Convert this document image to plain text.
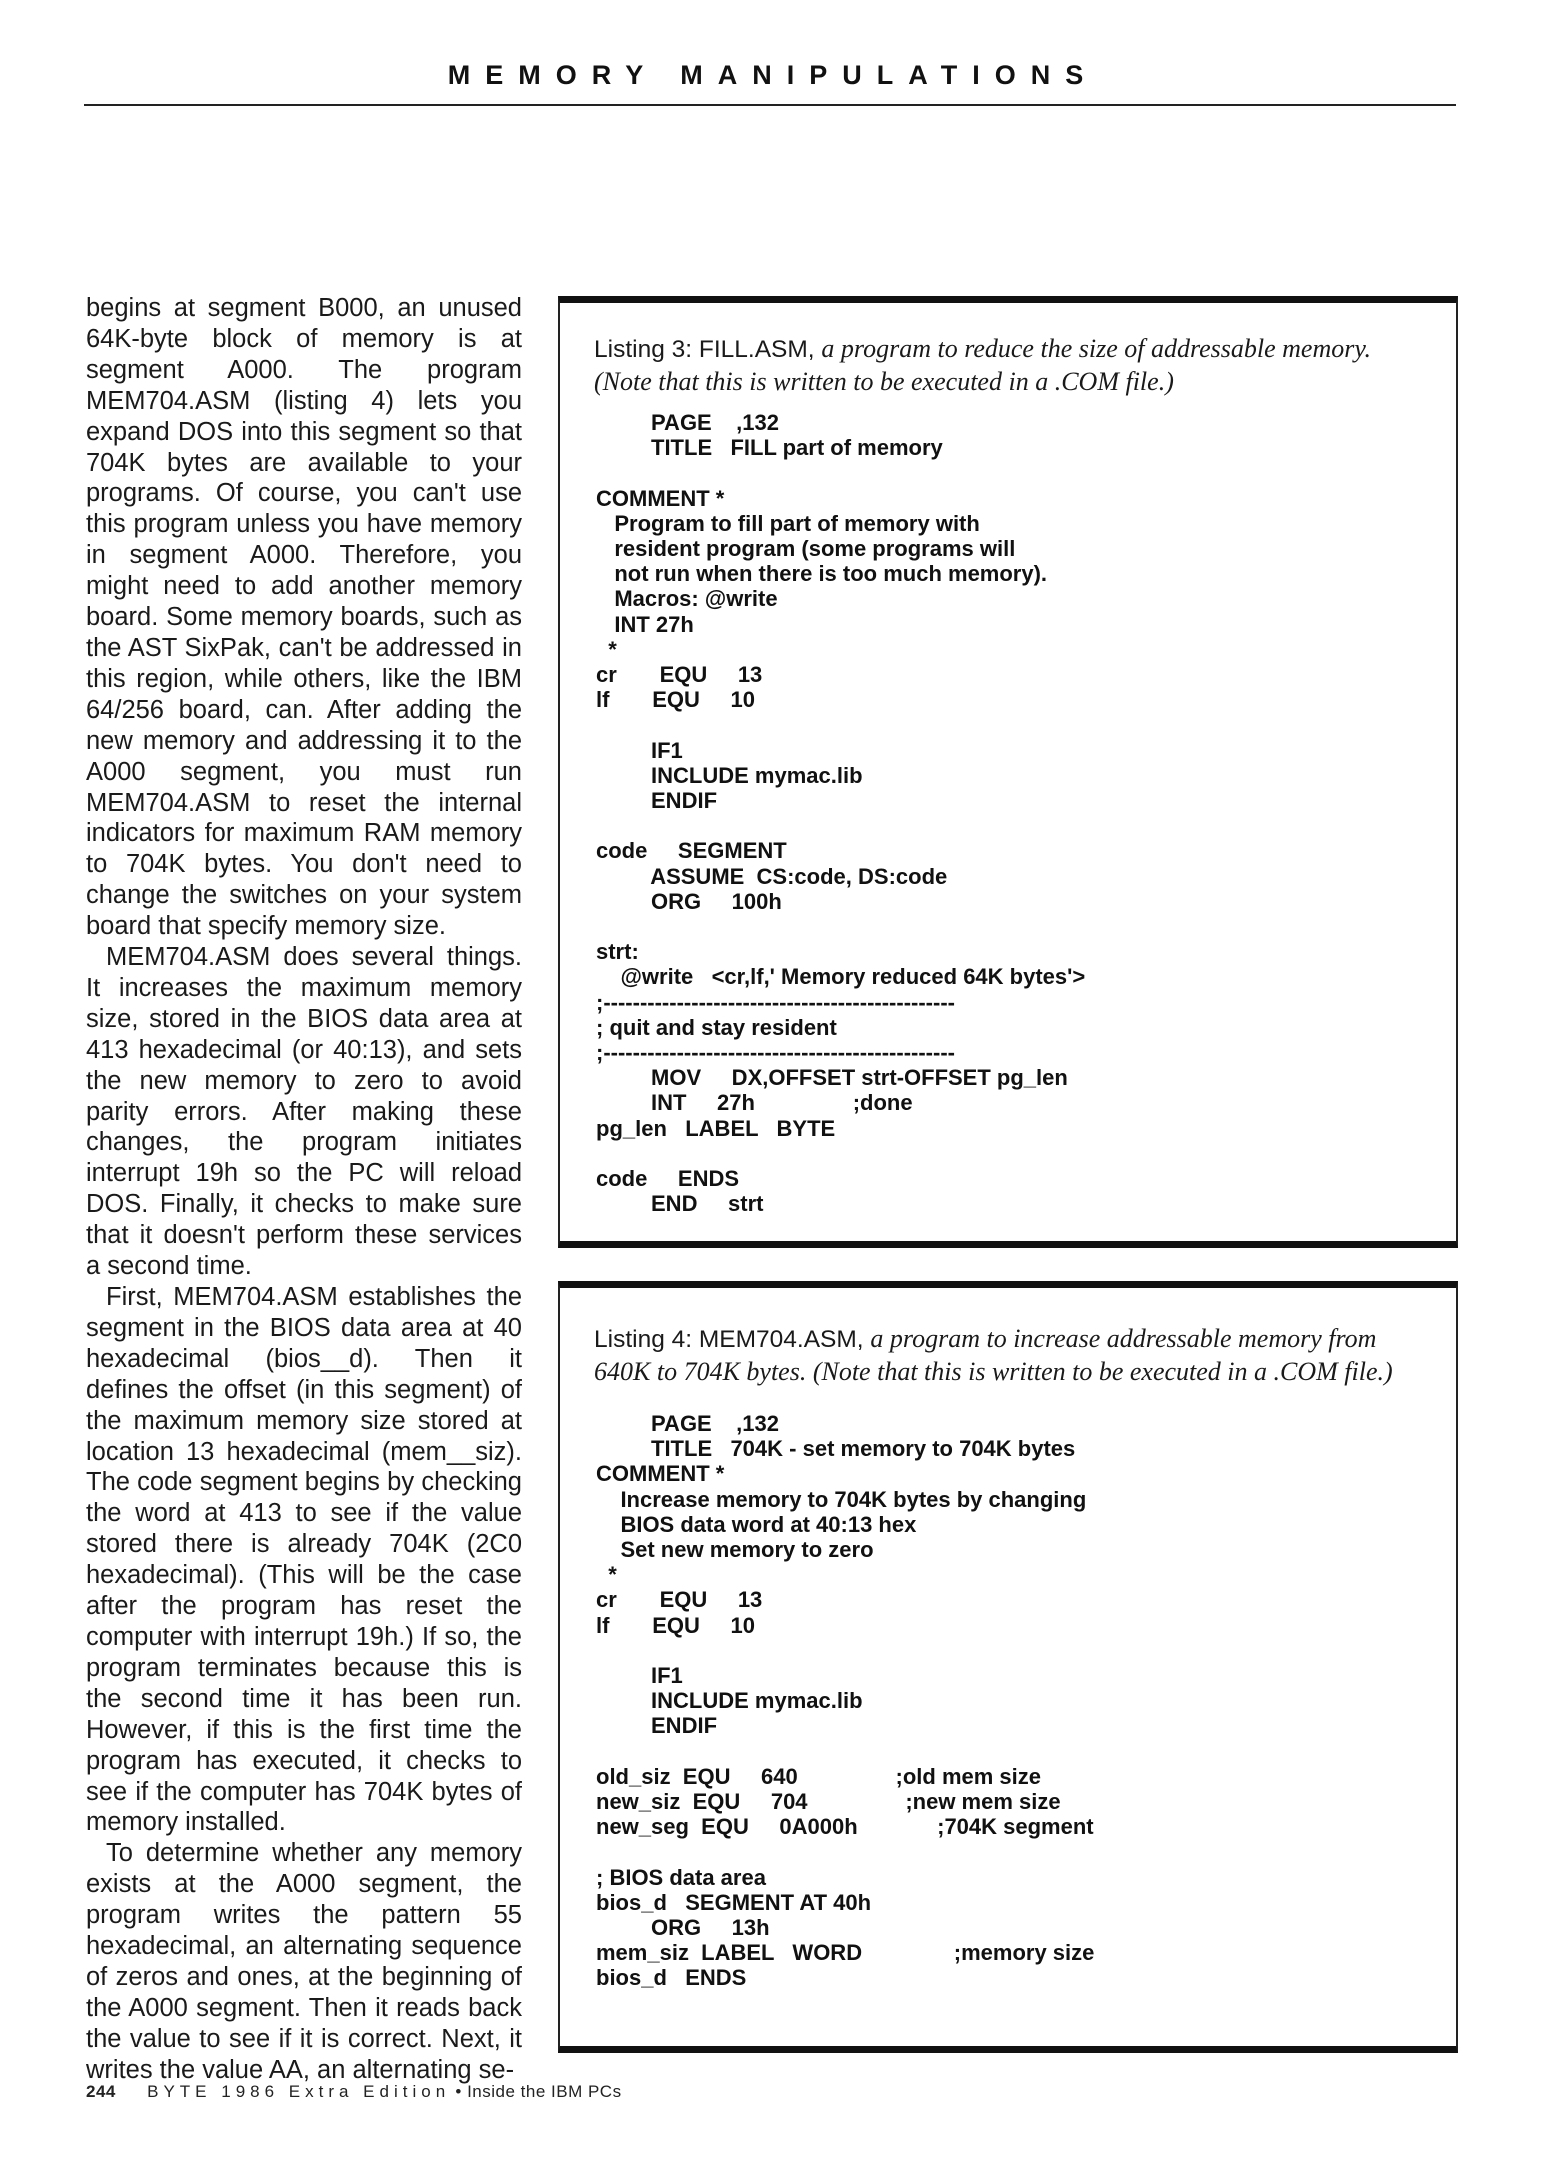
MEMORY MANIPULATIONS

begins at segment B000, an unused 64K-byte block of memory is at segment A000. The program MEM704.ASM (listing 4) lets you expand DOS into this segment so that 704K bytes are available to your programs. Of course, you can't use this program unless you have memory in segment A000. Therefore, you might need to add another memory board. Some memory boards, such as the AST SixPak, can't be addressed in this region, while others, like the IBM 64/256 board, can. After adding the new memory and addressing it to the A000 segment, you must run MEM704.ASM to reset the internal indicators for maximum RAM memory to 704K bytes. You don't need to change the switches on your system board that specify memory size.

MEM704.ASM does several things. It increases the maximum memory size, stored in the BIOS data area at 413 hexadecimal (or 40:13), and sets the new memory to zero to avoid parity errors. After making these changes, the program initiates interrupt 19h so the PC will reload DOS. Finally, it checks to make sure that it doesn't perform these services a second time.

First, MEM704.ASM establishes the segment in the BIOS data area at 40 hexadecimal (bios__d). Then it defines the offset (in this segment) of the maximum memory size stored at location 13 hexadecimal (mem__siz). The code segment begins by checking the word at 413 to see if the value stored there is already 704K (2C0 hexadecimal). (This will be the case after the program has reset the computer with interrupt 19h.) If so, the program terminates because this is the second time it has been run. However, if this is the first time the program has executed, it checks to see if the computer has 704K bytes of memory installed.

To determine whether any memory exists at the A000 segment, the program writes the pattern 55 hexadecimal, an alternating sequence of zeros and ones, at the beginning of the A000 segment. Then it reads back the value to see if it is correct. Next, it writes the value AA, an alternating se-

Listing 3: FILL.ASM, a program to reduce the size of addressable memory. (Note that this is written to be executed in a .COM file.)
PAGE    ,132
TITLE   FILL part of memory

COMMENT *
Program to fill part of memory with
resident program (some programs will
not run when there is too much memory).
Macros: @write
INT 27h
*
cr       EQU     13
lf       EQU     10

IF1
INCLUDE mymac.lib
ENDIF

code     SEGMENT
ASSUME  CS:code, DS:code
ORG     100h

strt:
@write   <cr,lf,' Memory reduced 64K bytes'>
;------------------------------------------------
; quit and stay resident
;------------------------------------------------
MOV     DX,OFFSET strt-OFFSET pg_len
INT     27h                ;done
pg_len   LABEL   BYTE

code     ENDS
END     strt
Listing 4: MEM704.ASM, a program to increase addressable memory from 640K to 704K bytes. (Note that this is written to be executed in a .COM file.)
PAGE    ,132
TITLE   704K - set memory to 704K bytes
COMMENT *
Increase memory to 704K bytes by changing
BIOS data word at 40:13 hex
Set new memory to zero
*
cr       EQU     13
lf       EQU     10

IF1
INCLUDE mymac.lib
ENDIF

old_siz  EQU     640                ;old mem size
new_siz  EQU     704                ;new mem size
new_seg  EQU     0A000h             ;704K segment

; BIOS data area
bios_d   SEGMENT AT 40h
ORG     13h
mem_siz  LABEL   WORD               ;memory size
bios_d   ENDS
244 BYTE 1986 Extra Edition • Inside the IBM PCs
